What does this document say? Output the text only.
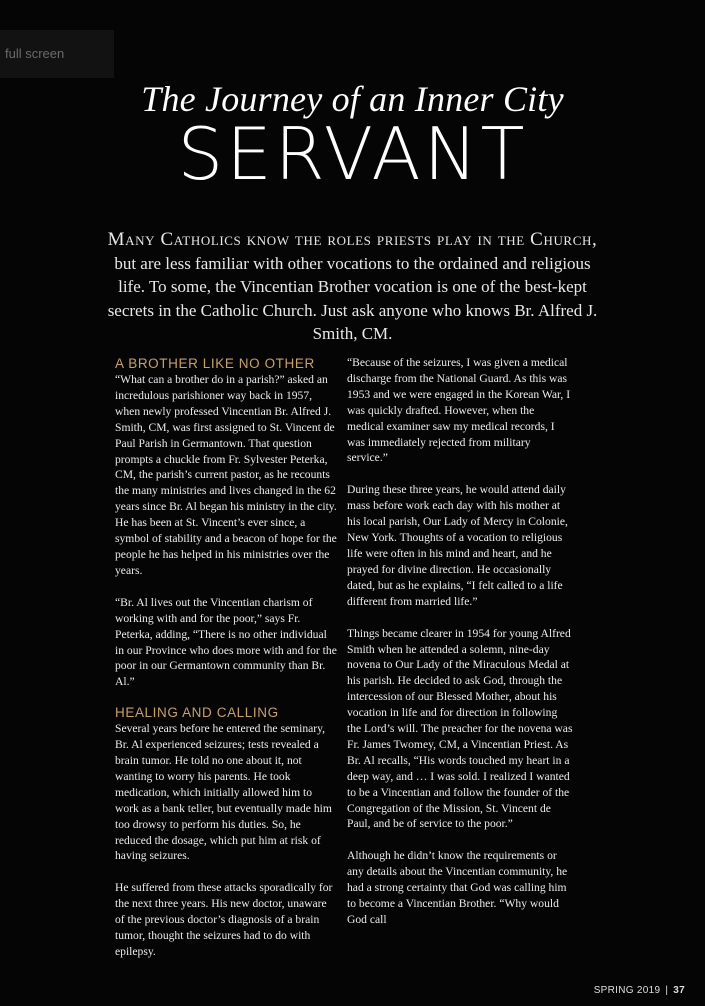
full screen
The Journey of an Inner City
SERVANT
Many Catholics know the roles priests play in the Church, but are less familiar with other vocations to the ordained and religious life. To some, the Vincentian Brother vocation is one of the best-kept secrets in the Catholic Church. Just ask anyone who knows Br. Alfred J. Smith, CM.
A BROTHER LIKE NO OTHER

“What can a brother do in a parish?” asked an incredulous parishioner way back in 1957, when newly professed Vincentian Br. Alfred J. Smith, CM, was first assigned to St. Vincent de Paul Parish in Germantown. That question prompts a chuckle from Fr. Sylvester Peterka, CM, the parish’s current pastor, as he recounts the many ministries and lives changed in the 62 years since Br. Al began his ministry in the city. He has been at St. Vincent’s ever since, a symbol of stability and a beacon of hope for the people he has helped in his ministries over the years.

“Br. Al lives out the Vincentian charism of working with and for the poor,” says Fr. Peterka, adding, “There is no other individual in our Province who does more with and for the poor in our Germantown community than Br. Al.”

HEALING AND CALLING

Several years before he entered the seminary, Br. Al experienced seizures; tests revealed a brain tumor. He told no one about it, not wanting to worry his parents. He took medication, which initially allowed him to work as a bank teller, but eventually made him too drowsy to perform his duties. So, he reduced the dosage, which put him at risk of having seizures.

He suffered from these attacks sporadically for the next three years. His new doctor, unaware of the previous doctor’s diagnosis of a brain tumor, thought the seizures had to do with epilepsy.

“Because of the seizures, I was given a medical discharge from the National Guard. As this was 1953 and we were engaged in the Korean War, I was quickly drafted. However, when the medical examiner saw my medical records, I was immediately rejected from military service.”

During these three years, he would attend daily mass before work each day with his mother at his local parish, Our Lady of Mercy in Colonie, New York. Thoughts of a vocation to religious life were often in his mind and heart, and he prayed for divine direction. He occasionally dated, but as he explains, “I felt called to a life different from married life.”

Things became clearer in 1954 for young Alfred Smith when he attended a solemn, nine-day novena to Our Lady of the Miraculous Medal at his parish. He decided to ask God, through the intercession of our Blessed Mother, about his vocation in life and for direction in following the Lord’s will. The preacher for the novena was Fr. James Twomey, CM, a Vincentian Priest. As Br. Al recalls, “His words touched my heart in a deep way, and … I was sold. I realized I wanted to be a Vincentian and follow the founder of the Congregation of the Mission, St. Vincent de Paul, and be of service to the poor.”

Although he didn’t know the requirements or any details about the Vincentian community, he had a strong certainty that God was calling him to become a Vincentian Brother. “Why would God call

SPRING 2019 | 37
